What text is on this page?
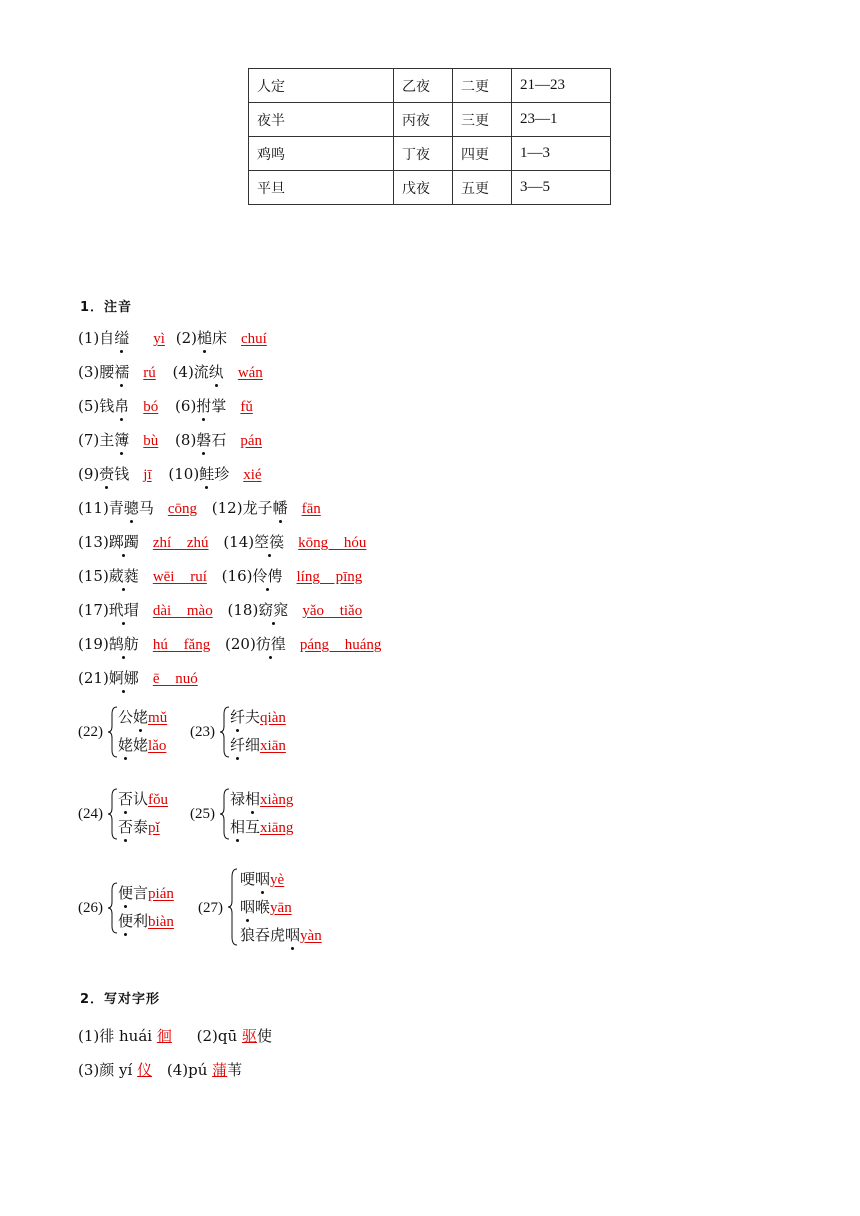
人定	乙夜	二更	21—23
夜半	丙夜	三更	23—1
鸡鸣	丁夜	四更	1—3
平旦	戊夜	五更	3—5
1．注音
(1)自缢 yì (2)槌床 chuí
(3)腰襦 rú (4)流纨 wán
(5)钱帛 bó (6)拊掌 fǔ
(7)主簿 bù (8)磐石 pán
(9)赍钱 jī (10)鲑珍 xié
(11)青骢马 cōng (12)龙子幡 fān
(13)踯躅 zhí zhú (14)箜篌 kōng hóu
(15)葳蕤 wēi ruí (16)伶俜 líng pīng
(17)玳瑁 dài mào (18)窈窕 yǎo tiǎo
(19)鹄舫 hú fǎng (20)彷徨 páng huáng
(21)婀娜 ē nuó
(22)
公姥mǔ
姥姥lǎo
(23)
纤夫qiàn
纤细xiān
(24)
否认fǒu
否泰pǐ
(25)
禄相xiàng
相互xiāng
(26)
便言pián
便利biàn
(27)
哽咽yè
咽喉yān
狼吞虎咽yàn
2．写对字形
(1)徘 huái 徊 (2)qū 驱使
(3)颜 yí 仪 (4)pú 蒲苇
